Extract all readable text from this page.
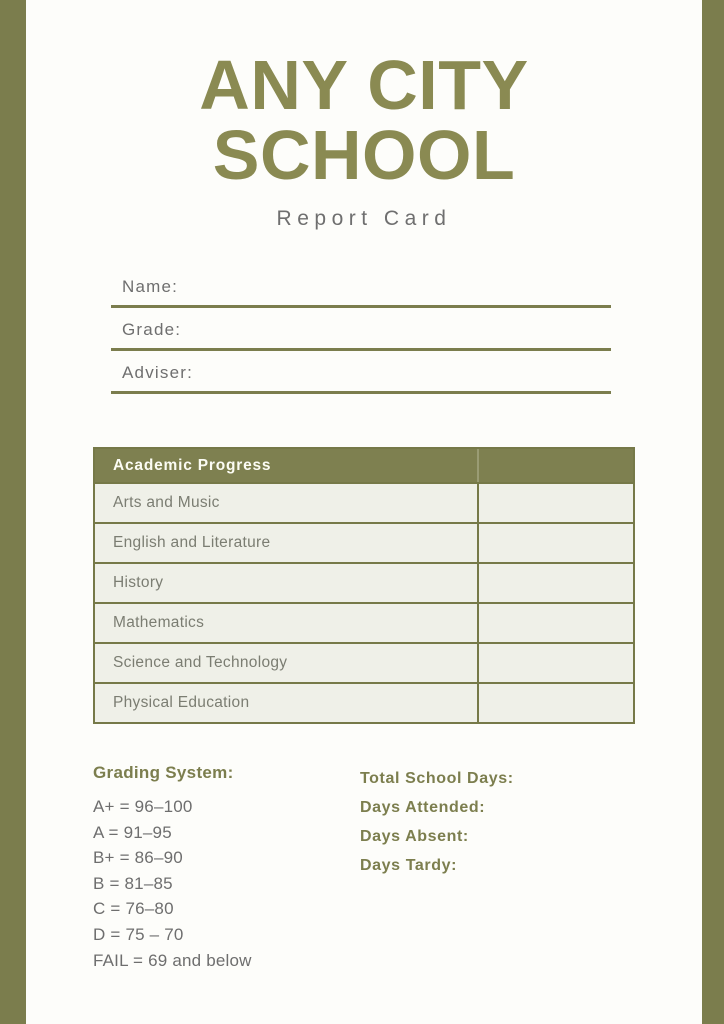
ANY CITY
SCHOOL
Report Card
Name:
Grade:
Adviser:
Academic Progress
Arts and Music
English and Literature
History
Mathematics
Science and Technology
Physical Education
Grading System:
A+ = 96–100
A = 91–95
B+ = 86–90
B = 81–85
C = 76–80
D = 75 – 70
FAIL = 69 and below
Total School Days:
Days Attended:
Days Absent:
Days Tardy:
